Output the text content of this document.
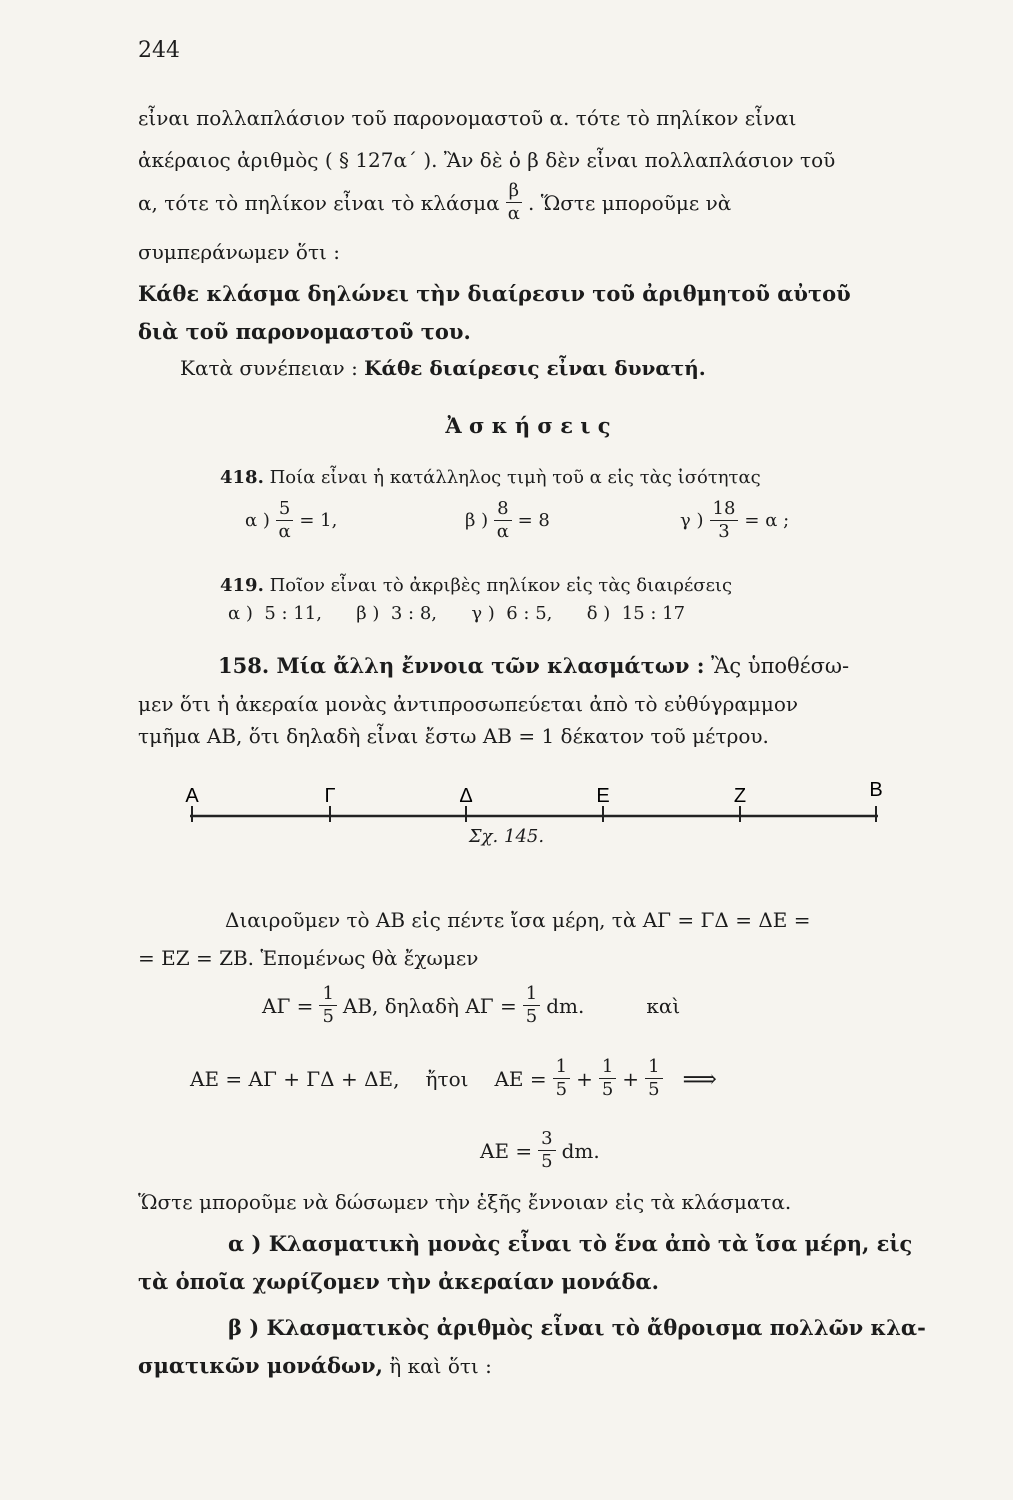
244
εἶναι πολλαπλάσιον τοῦ παρονομαστοῦ α. τότε τὸ πηλίκον εἶναι
ἀκέραιος ἀριθμὸς ( § 127α΄ ). Ἂν δὲ ὁ β δὲν εἶναι πολλαπλάσιον τοῦ
α, τότε τὸ πηλίκον εἶναι τὸ κλάσμα $\frac{\beta}{\alpha}$ . Ὥστε μποροῦμε νὰ
συμπεράνωμεν ὅτι :
Κάθε κλάσμα δηλώνει τὴν διαίρεσιν τοῦ ἀριθμητοῦ αὐτοῦ
διὰ τοῦ παρονομαστοῦ του.
Κατὰ συνέπειαν : Κάθε διαίρεσις εἶναι δυνατή.
Ἀ σ κ ή σ ε ι ς
418. Ποία εἶναι ἡ κατάλληλος τιμὴ τοῦ α εἰς τὰς ἰσότητας
α ) $\frac{5}{\alpha} = 1$,	β ) $\frac{8}{\alpha} = 8$	γ ) $\frac{18}{3} = \alpha$ ;
419. Ποῖον εἶναι τὸ ἀκριβὲς πηλίκον εἰς τὰς διαιρέσεις
α )  5 : 11,      β )  3 : 8,      γ )  6 : 5,      δ )  15 : 17
158. Μία ἄλλη ἔννοια τῶν κλασμάτων : Ἂς ὑποθέσω-
μεν ὅτι ἡ ἀκεραία μονὰς ἀντιπροσωπεύεται ἀπὸ τὸ εὐθύγραμμον
τμῆμα ΑΒ, ὅτι δηλαδὴ εἶναι ἔστω ΑΒ = 1 δέκατον τοῦ μέτρου.
Α	Γ	Δ	Ε	Ζ	Β
Σχ. 145.
Διαιροῦμεν τὸ ΑΒ εἰς πέντε ἴσα μέρη, τὰ ΑΓ = ΓΔ = ΔΕ =
= ΕΖ = ΖΒ. Ἑπομένως θὰ ἔχωμεν
$A\Gamma = \frac{1}{5} AB$, δηλαδὴ $A\Gamma = \frac{1}{5}$ dm.	καὶ
ΑΕ = ΑΓ + ΓΔ + ΔΕ, ἤτοι $AE = \frac{1}{5} + \frac{1}{5} + \frac{1}{5}$ ⟹
$AE = \frac{3}{5}$ dm.
Ὥστε μποροῦμε νὰ δώσωμεν τὴν ἑξῆς ἔννοιαν εἰς τὰ κλάσματα.
α ) Κλασματικὴ μονὰς εἶναι τὸ ἕνα ἀπὸ τὰ ἴσα μέρη, εἰς
τὰ ὁποῖα χωρίζομεν τὴν ἀκεραίαν μονάδα.
β ) Κλασματικὸς ἀριθμὸς εἶναι τὸ ἄθροισμα πολλῶν κλα-
σματικῶν μονάδων, ἢ καὶ ὅτι :
